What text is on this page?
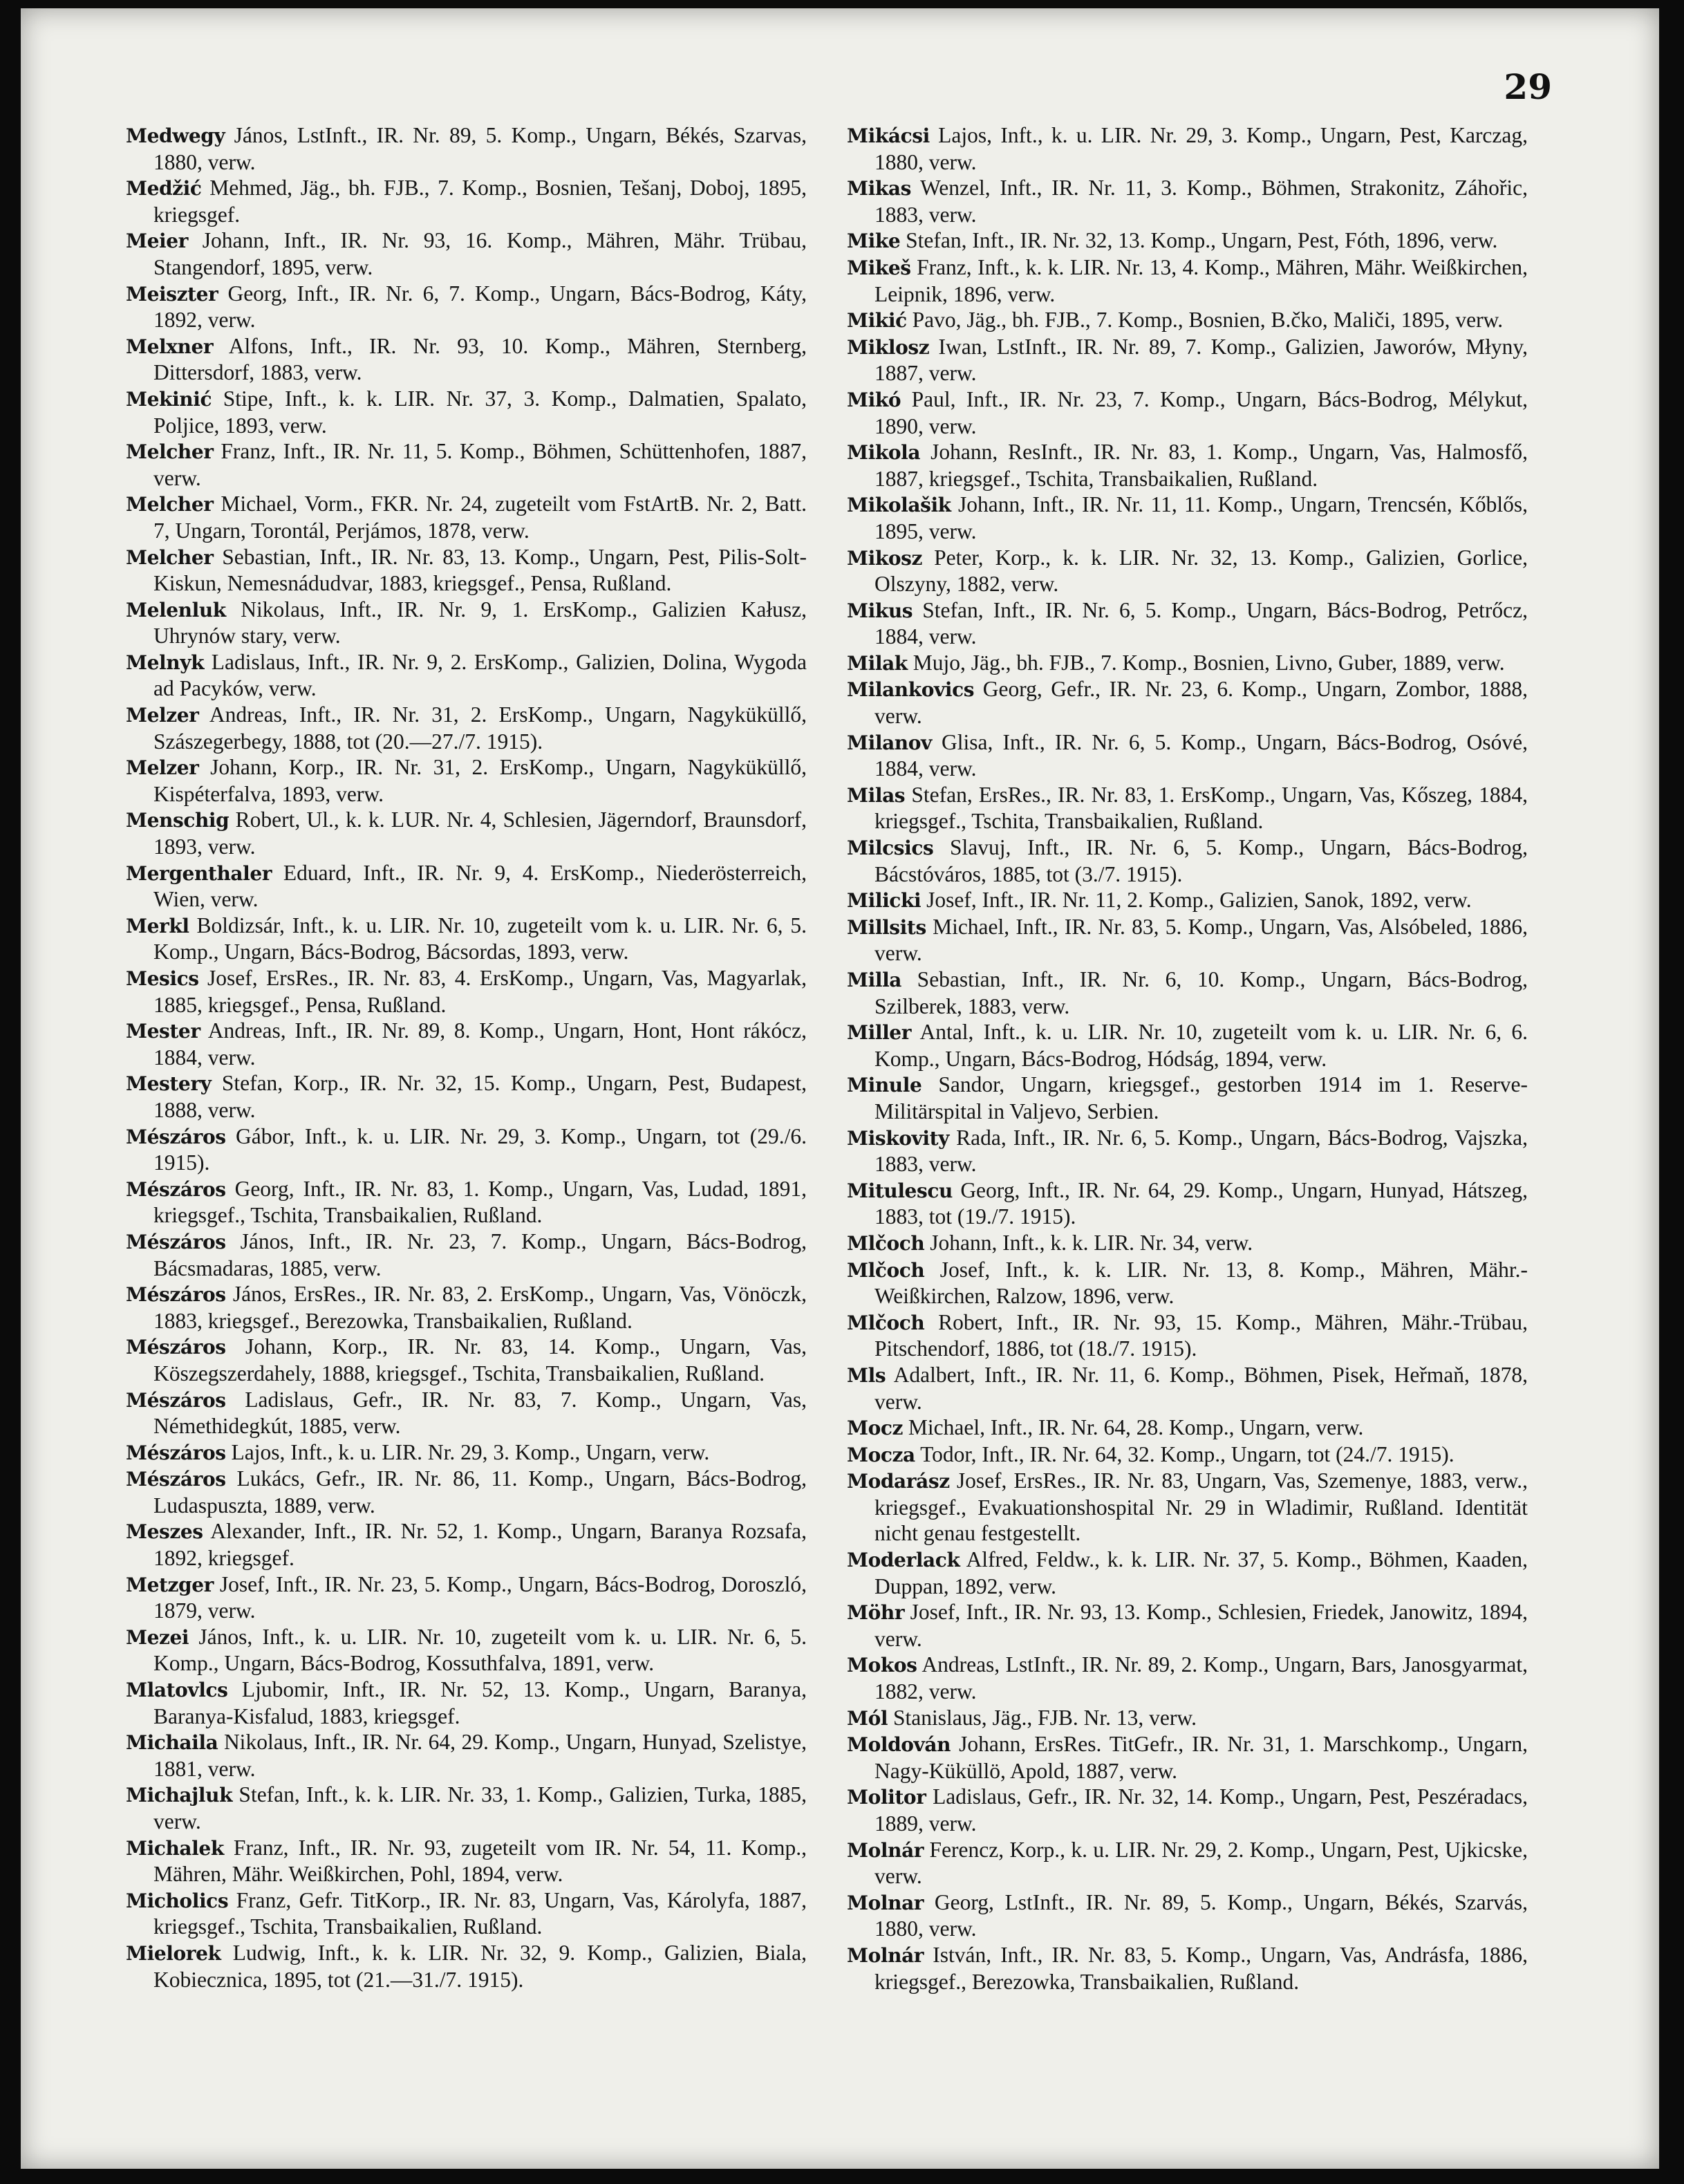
29

Medwegy János, LstInft., IR. Nr. 89, 5. Komp., Ungarn, Békés, Szarvas, 1880, verw.

Medžić Mehmed, Jäg., bh. FJB., 7. Komp., Bosnien, Tešanj, Doboj, 1895, kriegsgef.

Meier Johann, Inft., IR. Nr. 93, 16. Komp., Mähren, Mähr. Trübau, Stangendorf, 1895, verw.

Meiszter Georg, Inft., IR. Nr. 6, 7. Komp., Ungarn, Bács-Bodrog, Káty, 1892, verw.

Melxner Alfons, Inft., IR. Nr. 93, 10. Komp., Mähren, Sternberg, Dittersdorf, 1883, verw.

Mekinić Stipe, Inft., k. k. LIR. Nr. 37, 3. Komp., Dalmatien, Spalato, Poljice, 1893, verw.

Melcher Franz, Inft., IR. Nr. 11, 5. Komp., Böhmen, Schüttenhofen, 1887, verw.

Melcher Michael, Vorm., FKR. Nr. 24, zugeteilt vom FstArtB. Nr. 2, Batt. 7, Ungarn, Torontál, Perjámos, 1878, verw.

Melcher Sebastian, Inft., IR. Nr. 83, 13. Komp., Ungarn, Pest, Pilis-Solt-Kiskun, Nemesnádudvar, 1883, kriegsgef., Pensa, Rußland.

Melenluk Nikolaus, Inft., IR. Nr. 9, 1. ErsKomp., Galizien Kałusz, Uhrynów stary, verw.

Melnyk Ladislaus, Inft., IR. Nr. 9, 2. ErsKomp., Galizien, Dolina, Wygoda ad Pacyków, verw.

Melzer Andreas, Inft., IR. Nr. 31, 2. ErsKomp., Ungarn, Nagyküküllő, Szászegerbegy, 1888, tot (20.—27./7. 1915).

Melzer Johann, Korp., IR. Nr. 31, 2. ErsKomp., Ungarn, Nagyküküllő, Kispéterfalva, 1893, verw.

Menschig Robert, Ul., k. k. LUR. Nr. 4, Schlesien, Jägerndorf, Braunsdorf, 1893, verw.

Mergenthaler Eduard, Inft., IR. Nr. 9, 4. ErsKomp., Niederösterreich, Wien, verw.

Merkl Boldizsár, Inft., k. u. LIR. Nr. 10, zugeteilt vom k. u. LIR. Nr. 6, 5. Komp., Ungarn, Bács-Bodrog, Bácsordas, 1893, verw.

Mesics Josef, ErsRes., IR. Nr. 83, 4. ErsKomp., Ungarn, Vas, Magyarlak, 1885, kriegsgef., Pensa, Rußland.

Mester Andreas, Inft., IR. Nr. 89, 8. Komp., Ungarn, Hont, Hont rákócz, 1884, verw.

Mestery Stefan, Korp., IR. Nr. 32, 15. Komp., Ungarn, Pest, Budapest, 1888, verw.

Mészáros Gábor, Inft., k. u. LIR. Nr. 29, 3. Komp., Ungarn, tot (29./6. 1915).

Mészáros Georg, Inft., IR. Nr. 83, 1. Komp., Ungarn, Vas, Ludad, 1891, kriegsgef., Tschita, Transbaikalien, Rußland.

Mészáros János, Inft., IR. Nr. 23, 7. Komp., Ungarn, Bács-Bodrog, Bácsmadaras, 1885, verw.

Mészáros János, ErsRes., IR. Nr. 83, 2. ErsKomp., Ungarn, Vas, Vönöczk, 1883, kriegsgef., Berezowka, Transbaikalien, Rußland.

Mészáros Johann, Korp., IR. Nr. 83, 14. Komp., Ungarn, Vas, Köszegszerdahely, 1888, kriegsgef., Tschita, Transbaikalien, Rußland.

Mészáros Ladislaus, Gefr., IR. Nr. 83, 7. Komp., Ungarn, Vas, Némethidegkút, 1885, verw.

Mészáros Lajos, Inft., k. u. LIR. Nr. 29, 3. Komp., Ungarn, verw.

Mészáros Lukács, Gefr., IR. Nr. 86, 11. Komp., Ungarn, Bács-Bodrog, Ludaspuszta, 1889, verw.

Meszes Alexander, Inft., IR. Nr. 52, 1. Komp., Ungarn, Baranya Rozsafa, 1892, kriegsgef.

Metzger Josef, Inft., IR. Nr. 23, 5. Komp., Ungarn, Bács-Bodrog, Doroszló, 1879, verw.

Mezei János, Inft., k. u. LIR. Nr. 10, zugeteilt vom k. u. LIR. Nr. 6, 5. Komp., Ungarn, Bács-Bodrog, Kossuthfalva, 1891, verw.

Mlatovlcs Ljubomir, Inft., IR. Nr. 52, 13. Komp., Ungarn, Baranya, Baranya-Kisfalud, 1883, kriegsgef.

Michaila Nikolaus, Inft., IR. Nr. 64, 29. Komp., Ungarn, Hunyad, Szelistye, 1881, verw.

Michajluk Stefan, Inft., k. k. LIR. Nr. 33, 1. Komp., Galizien, Turka, 1885, verw.

Michalek Franz, Inft., IR. Nr. 93, zugeteilt vom IR. Nr. 54, 11. Komp., Mähren, Mähr. Weißkirchen, Pohl, 1894, verw.

Micholics Franz, Gefr. TitKorp., IR. Nr. 83, Ungarn, Vas, Károlyfa, 1887, kriegsgef., Tschita, Transbaikalien, Rußland.

Mielorek Ludwig, Inft., k. k. LIR. Nr. 32, 9. Komp., Galizien, Biala, Kobiecznica, 1895, tot (21.—31./7. 1915).

Mikácsi Lajos, Inft., k. u. LIR. Nr. 29, 3. Komp., Ungarn, Pest, Karczag, 1880, verw.

Mikas Wenzel, Inft., IR. Nr. 11, 3. Komp., Böhmen, Strakonitz, Záhořic, 1883, verw.

Mike Stefan, Inft., IR. Nr. 32, 13. Komp., Ungarn, Pest, Fóth, 1896, verw.

Mikeš Franz, Inft., k. k. LIR. Nr. 13, 4. Komp., Mähren, Mähr. Weißkirchen, Leipnik, 1896, verw.

Mikić Pavo, Jäg., bh. FJB., 7. Komp., Bosnien, B.čko, Maliči, 1895, verw.

Miklosz Iwan, LstInft., IR. Nr. 89, 7. Komp., Galizien, Jaworów, Młyny, 1887, verw.

Mikó Paul, Inft., IR. Nr. 23, 7. Komp., Ungarn, Bács-Bodrog, Mélykut, 1890, verw.

Mikola Johann, ResInft., IR. Nr. 83, 1. Komp., Ungarn, Vas, Halmosfő, 1887, kriegsgef., Tschita, Transbaikalien, Rußland.

Mikolašik Johann, Inft., IR. Nr. 11, 11. Komp., Ungarn, Trencsén, Kőblős, 1895, verw.

Mikosz Peter, Korp., k. k. LIR. Nr. 32, 13. Komp., Galizien, Gorlice, Olszyny, 1882, verw.

Mikus Stefan, Inft., IR. Nr. 6, 5. Komp., Ungarn, Bács-Bodrog, Petrőcz, 1884, verw.

Milak Mujo, Jäg., bh. FJB., 7. Komp., Bosnien, Livno, Guber, 1889, verw.

Milankovics Georg, Gefr., IR. Nr. 23, 6. Komp., Ungarn, Zombor, 1888, verw.

Milanov Glisa, Inft., IR. Nr. 6, 5. Komp., Ungarn, Bács-Bodrog, Osóvé, 1884, verw.

Milas Stefan, ErsRes., IR. Nr. 83, 1. ErsKomp., Ungarn, Vas, Kőszeg, 1884, kriegsgef., Tschita, Transbaikalien, Rußland.

Milcsics Slavuj, Inft., IR. Nr. 6, 5. Komp., Ungarn, Bács-Bodrog, Bácstóváros, 1885, tot (3./7. 1915).

Milicki Josef, Inft., IR. Nr. 11, 2. Komp., Galizien, Sanok, 1892, verw.

Millsits Michael, Inft., IR. Nr. 83, 5. Komp., Ungarn, Vas, Alsóbeled, 1886, verw.

Milla Sebastian, Inft., IR. Nr. 6, 10. Komp., Ungarn, Bács-Bodrog, Szilberek, 1883, verw.

Miller Antal, Inft., k. u. LIR. Nr. 10, zugeteilt vom k. u. LIR. Nr. 6, 6. Komp., Ungarn, Bács-Bodrog, Hódság, 1894, verw.

Minule Sandor, Ungarn, kriegsgef., gestorben 1914 im 1. Reserve-Militärspital in Valjevo, Serbien.

Miskovity Rada, Inft., IR. Nr. 6, 5. Komp., Ungarn, Bács-Bodrog, Vajszka, 1883, verw.

Mitulescu Georg, Inft., IR. Nr. 64, 29. Komp., Ungarn, Hunyad, Hátszeg, 1883, tot (19./7. 1915).

Mlčoch Johann, Inft., k. k. LIR. Nr. 34, verw.

Mlčoch Josef, Inft., k. k. LIR. Nr. 13, 8. Komp., Mähren, Mähr.-Weißkirchen, Ralzow, 1896, verw.

Mlčoch Robert, Inft., IR. Nr. 93, 15. Komp., Mähren, Mähr.-Trübau, Pitschendorf, 1886, tot (18./7. 1915).

Mls Adalbert, Inft., IR. Nr. 11, 6. Komp., Böhmen, Pisek, Heřmaň, 1878, verw.

Mocz Michael, Inft., IR. Nr. 64, 28. Komp., Ungarn, verw.

Mocza Todor, Inft., IR. Nr. 64, 32. Komp., Ungarn, tot (24./7. 1915).

Modarász Josef, ErsRes., IR. Nr. 83, Ungarn, Vas, Szemenye, 1883, verw., kriegsgef., Evakuationshospital Nr. 29 in Wladimir, Rußland. Identität nicht genau festgestellt.

Moderlack Alfred, Feldw., k. k. LIR. Nr. 37, 5. Komp., Böhmen, Kaaden, Duppan, 1892, verw.

Möhr Josef, Inft., IR. Nr. 93, 13. Komp., Schlesien, Friedek, Janowitz, 1894, verw.

Mokos Andreas, LstInft., IR. Nr. 89, 2. Komp., Ungarn, Bars, Janosgyarmat, 1882, verw.

Mól Stanislaus, Jäg., FJB. Nr. 13, verw.

Moldován Johann, ErsRes. TitGefr., IR. Nr. 31, 1. Marschkomp., Ungarn, Nagy-Küküllö, Apold, 1887, verw.

Molitor Ladislaus, Gefr., IR. Nr. 32, 14. Komp., Ungarn, Pest, Peszéradacs, 1889, verw.

Molnár Ferencz, Korp., k. u. LIR. Nr. 29, 2. Komp., Ungarn, Pest, Ujkicske, verw.

Molnar Georg, LstInft., IR. Nr. 89, 5. Komp., Ungarn, Békés, Szarvás, 1880, verw.

Molnár István, Inft., IR. Nr. 83, 5. Komp., Ungarn, Vas, Andrásfa, 1886, kriegsgef., Berezowka, Transbaikalien, Rußland.
